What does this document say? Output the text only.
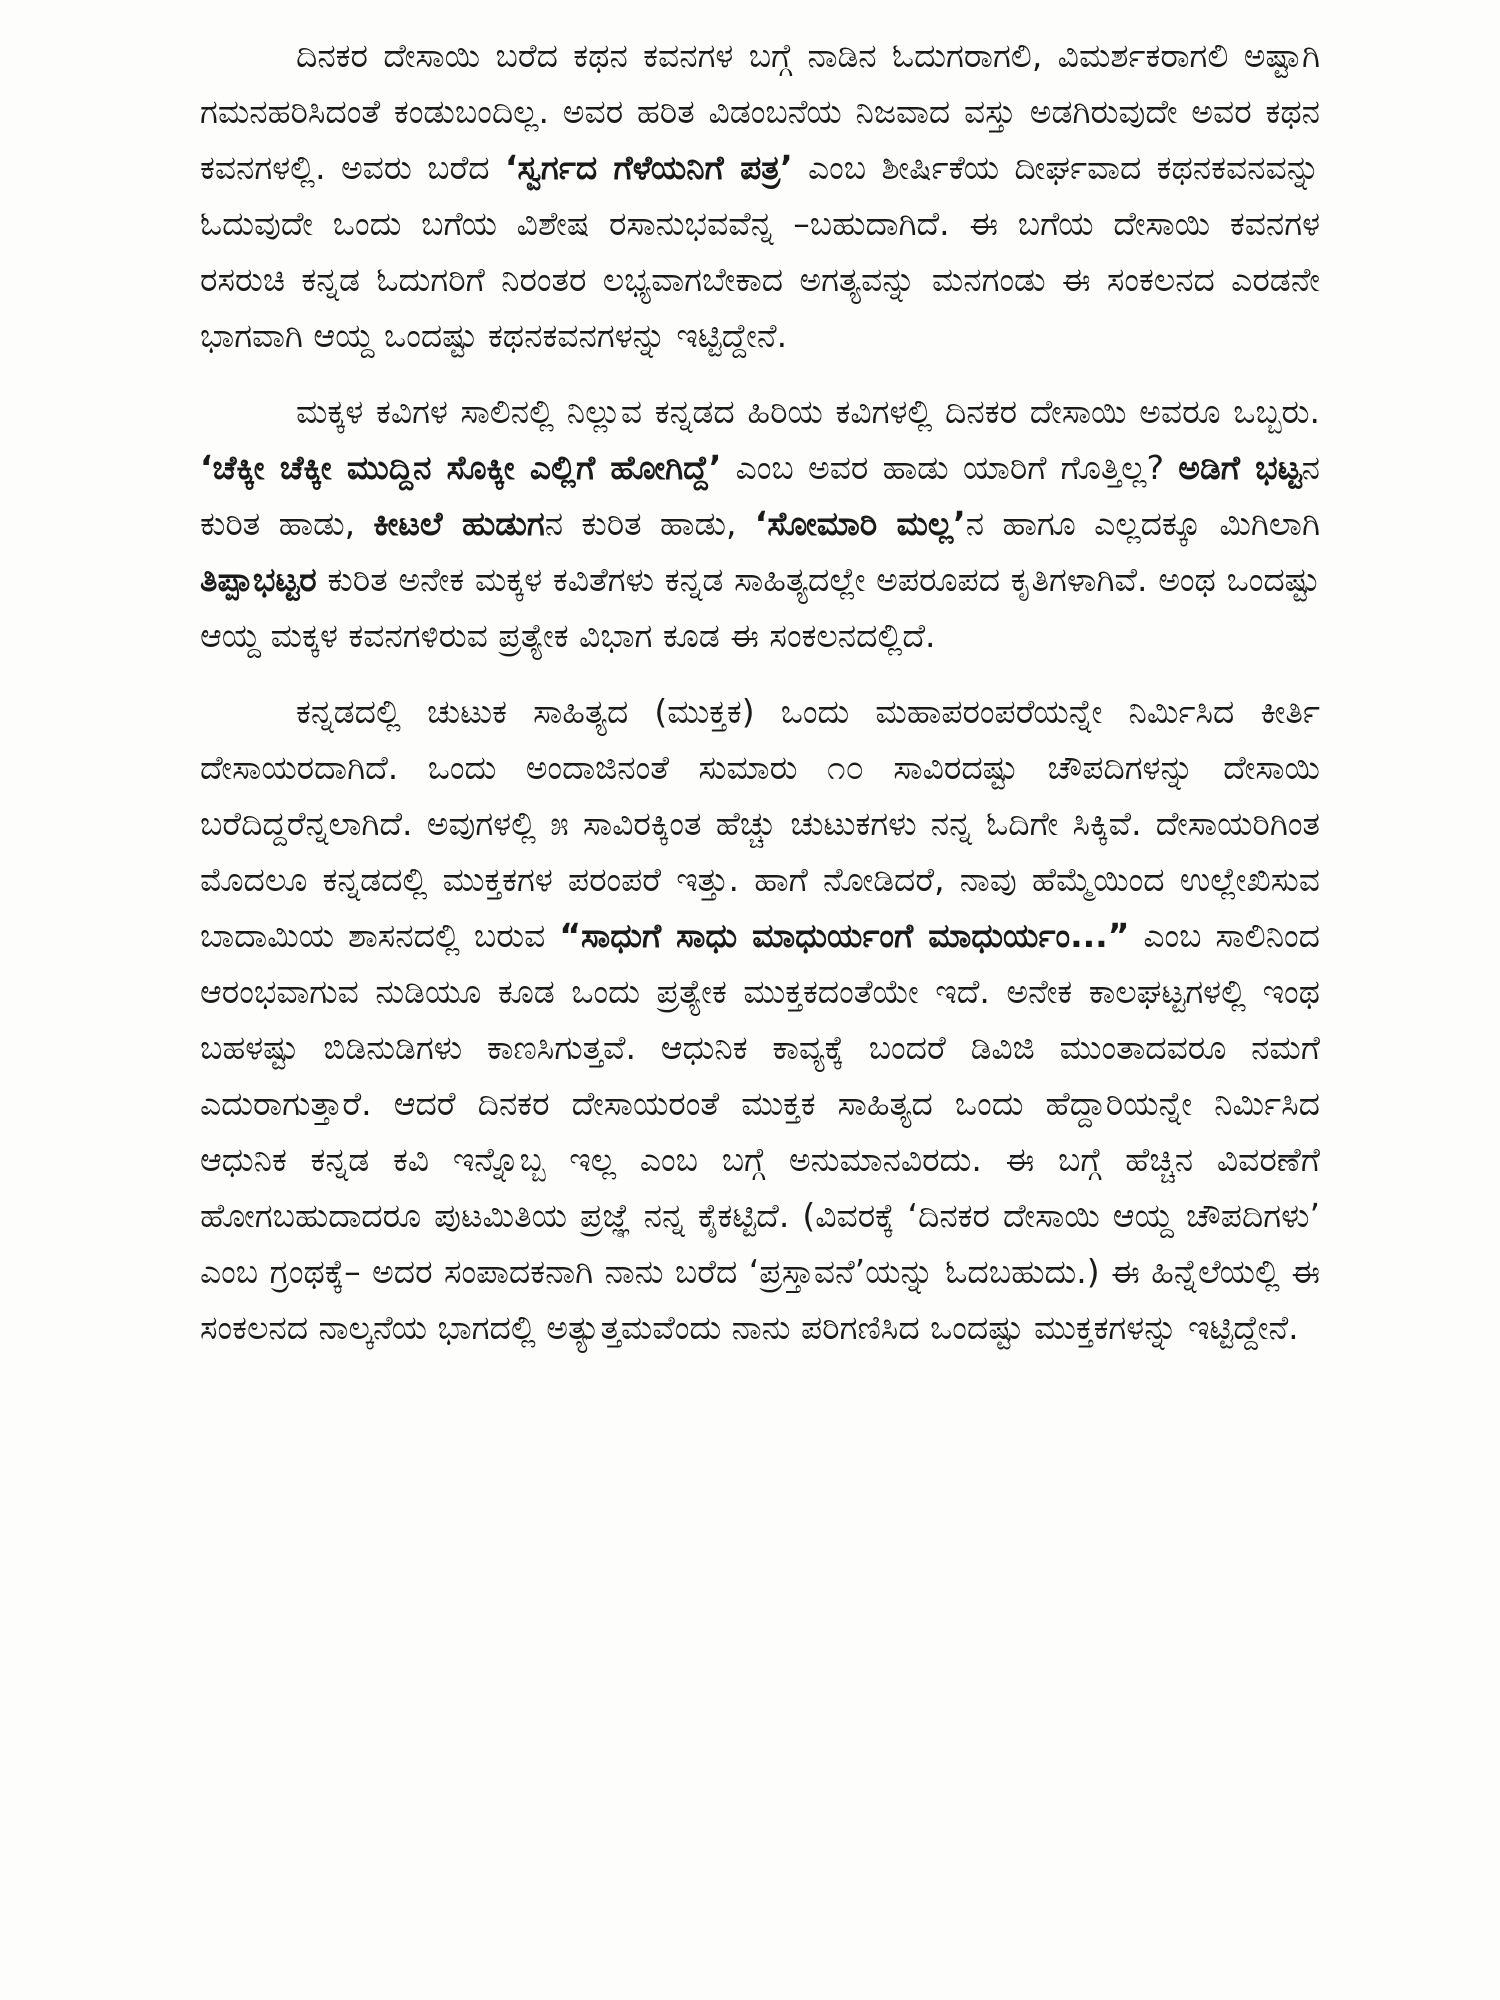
ದಿನಕರ ದೇಸಾಯಿ ಬರೆದ ಕಥನ ಕವನಗಳ ಬಗ್ಗೆ ನಾಡಿನ ಓದುಗರಾಗಲಿ, ವಿಮರ್ಶಕರಾಗಲಿ ಅಷ್ಟಾಗಿ ಗಮನಹರಿಸಿದಂತೆ ಕಂಡುಬಂದಿಲ್ಲ. ಅವರ ಹರಿತ ವಿಡಂಬನೆಯ ನಿಜವಾದ ವಸ್ತು ಅಡಗಿರುವುದೇ ಅವರ ಕಥನ ಕವನಗಳಲ್ಲಿ. ಅವರು ಬರೆದ ‘ಸ್ವರ್ಗದ ಗೆಳೆಯನಿಗೆ ಪತ್ರ’ ಎಂಬ ಶೀರ್ಷಿಕೆಯ ದೀರ್ಘವಾದ ಕಥನಕವನವನ್ನು ಓದುವುದೇ ಒಂದು ಬಗೆಯ ವಿಶೇಷ ರಸಾನುಭವವೆನ್ನ –ಬಹುದಾಗಿದೆ. ಈ ಬಗೆಯ ದೇಸಾಯಿ ಕವನಗಳ ರಸರುಚಿ ಕನ್ನಡ ಓದುಗರಿಗೆ ನಿರಂತರ ಲಭ್ಯವಾಗಬೇಕಾದ ಅಗತ್ಯವನ್ನು ಮನಗಂಡು ಈ ಸಂಕಲನದ ಎರಡನೇ ಭಾಗವಾಗಿ ಆಯ್ದ ಒಂದಷ್ಟು ಕಥನಕವನಗಳನ್ನು ಇಟ್ಟಿದ್ದೇನೆ.

ಮಕ್ಕಳ ಕವಿಗಳ ಸಾಲಿನಲ್ಲಿ ನಿಲ್ಲುವ ಕನ್ನಡದ ಹಿರಿಯ ಕವಿಗಳಲ್ಲಿ ದಿನಕರ ದೇಸಾಯಿ ಅವರೂ ಒಬ್ಬರು. ‘ಚೆಕ್ಕೀ ಚೆಕ್ಕೀ ಮುದ್ದಿನ ಸೊಕ್ಕೀ ಎಲ್ಲಿಗೆ ಹೋಗಿದ್ದೆ’ ಎಂಬ ಅವರ ಹಾಡು ಯಾರಿಗೆ ಗೊತ್ತಿಲ್ಲ? ಅಡಿಗೆ ಭಟ್ಟನ ಕುರಿತ ಹಾಡು, ಕೀಟಲೆ ಹುಡುಗನ ಕುರಿತ ಹಾಡು, ‘ಸೋಮಾರಿ ಮಲ್ಲ’ನ ಹಾಗೂ ಎಲ್ಲದಕ್ಕೂ ಮಿಗಿಲಾಗಿ ತಿಪ್ಪಾಭಟ್ಟರ ಕುರಿತ ಅನೇಕ ಮಕ್ಕಳ ಕವಿತೆಗಳು ಕನ್ನಡ ಸಾಹಿತ್ಯದಲ್ಲೇ ಅಪರೂಪದ ಕೃತಿಗಳಾಗಿವೆ. ಅಂಥ ಒಂದಷ್ಟು ಆಯ್ದ ಮಕ್ಕಳ ಕವನಗಳಿರುವ ಪ್ರತ್ಯೇಕ ವಿಭಾಗ ಕೂಡ ಈ ಸಂಕಲನದಲ್ಲಿದೆ.

ಕನ್ನಡದಲ್ಲಿ ಚುಟುಕ ಸಾಹಿತ್ಯದ (ಮುಕ್ತಕ) ಒಂದು ಮಹಾಪರಂಪರೆಯನ್ನೇ ನಿರ್ಮಿಸಿದ ಕೀರ್ತಿ ದೇಸಾಯರದಾಗಿದೆ. ಒಂದು ಅಂದಾಜಿನಂತೆ ಸುಮಾರು ೧೦ ಸಾವಿರದಷ್ಟು ಚೌಪದಿಗಳನ್ನು ದೇಸಾಯಿ ಬರೆದಿದ್ದರೆನ್ನಲಾಗಿದೆ. ಅವುಗಳಲ್ಲಿ ೫ ಸಾವಿರಕ್ಕಿಂತ ಹೆಚ್ಚು ಚುಟುಕಗಳು ನನ್ನ ಓದಿಗೇ ಸಿಕ್ಕಿವೆ. ದೇಸಾಯರಿಗಿಂತ ಮೊದಲೂ ಕನ್ನಡದಲ್ಲಿ ಮುಕ್ತಕಗಳ ಪರಂಪರೆ ಇತ್ತು. ಹಾಗೆ ನೋಡಿದರೆ, ನಾವು ಹೆಮ್ಮೆಯಿಂದ ಉಲ್ಲೇಖಿಸುವ ಬಾದಾಮಿಯ ಶಾಸನದಲ್ಲಿ ಬರುವ “ಸಾಧುಗೆ ಸಾಧು ಮಾಧುರ್ಯಂಗೆ ಮಾಧುರ್ಯಂ...” ಎಂಬ ಸಾಲಿನಿಂದ ಆರಂಭವಾಗುವ ನುಡಿಯೂ ಕೂಡ ಒಂದು ಪ್ರತ್ಯೇಕ ಮುಕ್ತಕದಂತೆಯೇ ಇದೆ. ಅನೇಕ ಕಾಲಘಟ್ಟಗಳಲ್ಲಿ ಇಂಥ ಬಹಳಷ್ಟು ಬಿಡಿನುಡಿಗಳು ಕಾಣಸಿಗುತ್ತವೆ. ಆಧುನಿಕ ಕಾವ್ಯಕ್ಕೆ ಬಂದರೆ ಡಿವಿಜಿ ಮುಂತಾದವರೂ ನಮಗೆ ಎದುರಾಗುತ್ತಾರೆ. ಆದರೆ ದಿನಕರ ದೇಸಾಯರಂತೆ ಮುಕ್ತಕ ಸಾಹಿತ್ಯದ ಒಂದು ಹೆದ್ದಾರಿಯನ್ನೇ ನಿರ್ಮಿಸಿದ ಆಧುನಿಕ ಕನ್ನಡ ಕವಿ ಇನ್ನೊಬ್ಬ ಇಲ್ಲ ಎಂಬ ಬಗ್ಗೆ ಅನುಮಾನವಿರದು. ಈ ಬಗ್ಗೆ ಹೆಚ್ಚಿನ ವಿವರಣೆಗೆ ಹೋಗಬಹುದಾದರೂ ಪುಟಮಿತಿಯ ಪ್ರಜ್ಞೆ ನನ್ನ ಕೈಕಟ್ಟಿದೆ. (ವಿವರಕ್ಕೆ ‘ದಿನಕರ ದೇಸಾಯಿ ಆಯ್ದ ಚೌಪದಿಗಳು’ ಎಂಬ ಗ್ರಂಥಕ್ಕೆ– ಅದರ ಸಂಪಾದಕನಾಗಿ ನಾನು ಬರೆದ ‘ಪ್ರಸ್ತಾವನೆ’ಯನ್ನು ಓದಬಹುದು.) ಈ ಹಿನ್ನೆಲೆಯಲ್ಲಿ ಈ ಸಂಕಲನದ ನಾಲ್ಕನೆಯ ಭಾಗದಲ್ಲಿ ಅತ್ಯುತ್ತಮವೆಂದು ನಾನು ಪರಿಗಣಿಸಿದ ಒಂದಷ್ಟು ಮುಕ್ತಕಗಳನ್ನು ಇಟ್ಟಿದ್ದೇನೆ.
